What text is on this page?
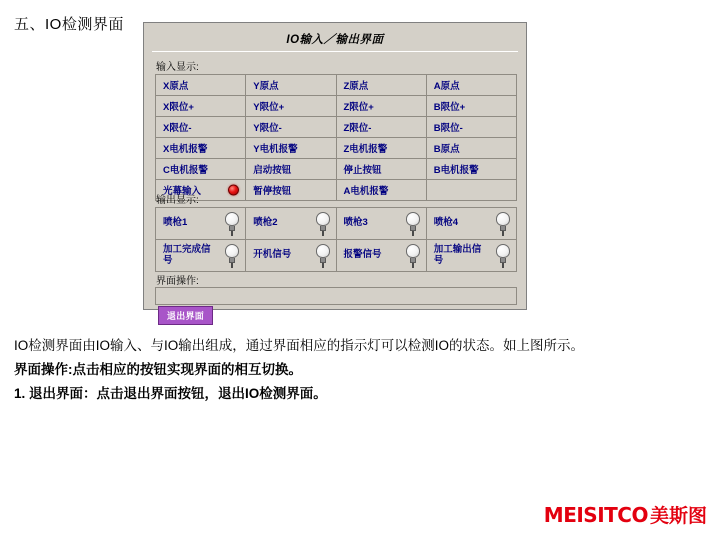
五、IO检测界面
IO输入／输出界面
输入显示:
X原点	Y原点	Z原点	A原点
X限位+	Y限位+	Z限位+	B限位+
X限位-	Y限位-	Z限位-	B限位-
X电机报警	Y电机报警	Z电机报警	B原点
C电机报警	启动按钮	停止按钮	B电机报警
光幕输入	暂停按钮	A电机报警
输出显示:
喷枪1	喷枪2	喷枪3	喷枪4
加工完成信号	开机信号	报警信号	加工输出信号
界面操作:
退出界面
IO检测界面由IO输入、与IO输出组成，通过界面相应的指示灯可以检测IO的状态。如上图所示。
界面操作:点击相应的按钮实现界面的相互切换。
1. 退出界面：点击退出界面按钮，退出IO检测界面。
MEISITCO 美斯图
